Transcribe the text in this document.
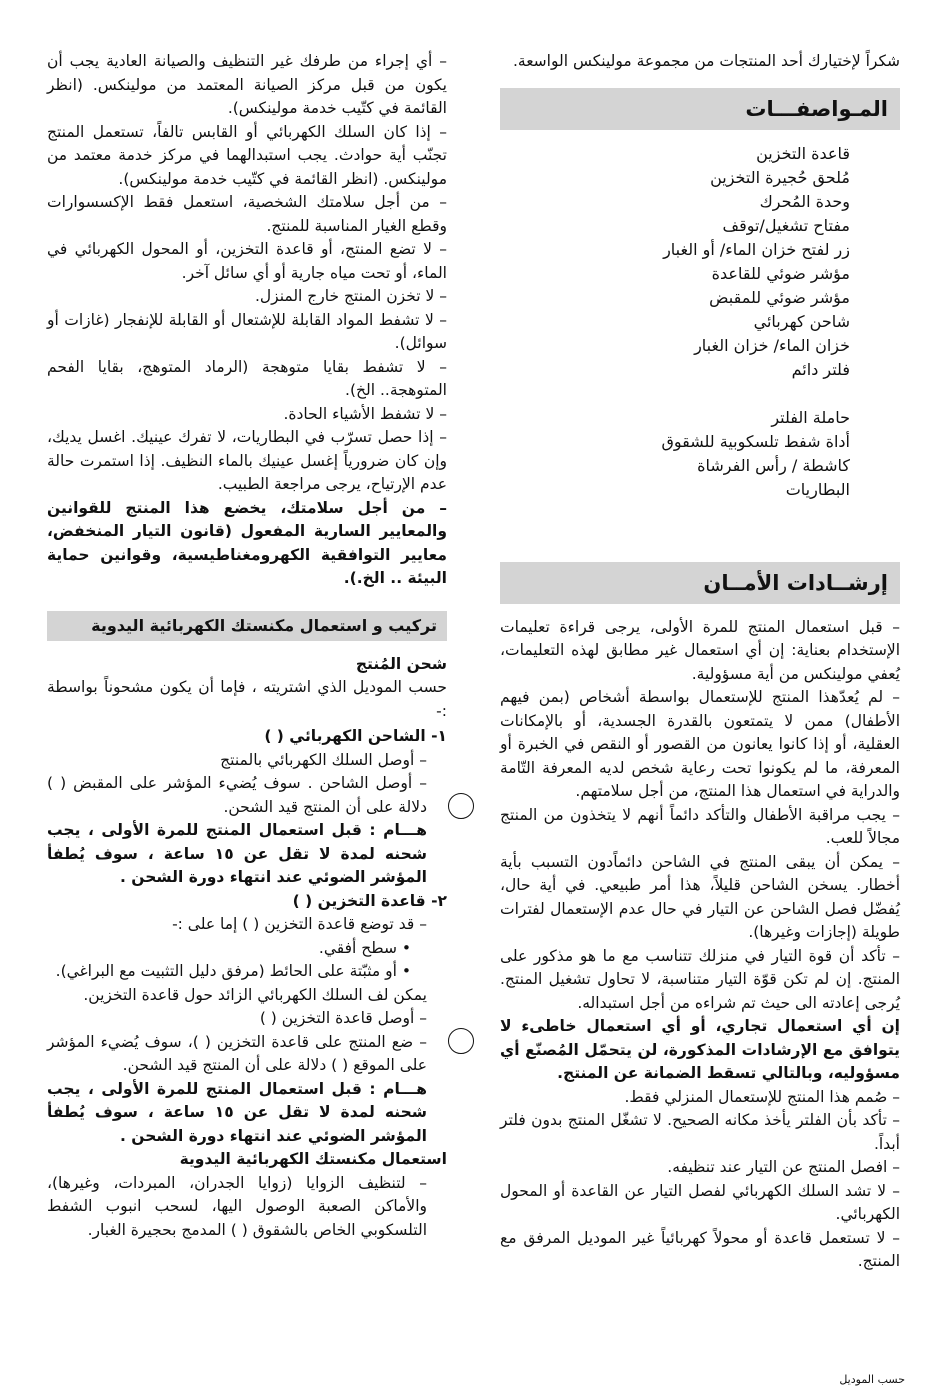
شكراً لإختيارك أحد المنتجات من مجموعة مولينكس الواسعة.

المـواصفـــات
قاعدة التخزين
مُلحق حُجيرة التخزين
وحدة المُحرك
مفتاح تشغيل/توقف
زر لفتح خزان الماء/ أو الغبار
مؤشر ضوئي للقاعدة
مؤشر ضوئي للمقبض
شاحن كهربائي
خزان الماء/ خزان الغبار
فلتر دائم
حاملة الفلتر
أداة شفط تلسكوبية للشقوق
كاشطة / رأس الفرشاة
البطاريات
إرشــادات الأمــان

– قبل استعمال المنتج للمرة الأولى، يرجى قراءة تعليمات الإستخدام بعناية: إن أي استعمال غير مطابق لهذه التعليمات، يُعفي مولينكس من أية مسؤولية.

– لم يُعدّهذا المنتج للإستعمال بواسطة أشخاص (بمن فيهم الأطفال) ممن لا يتمتعون بالقدرة الجسدية، أو بالإمكانات العقلية، أو إذا كانوا يعانون من القصور أو النقص في الخبرة أو المعرفة، ما لم يكونوا تحت رعاية شخص لديه المعرفة التّامة والدراية في استعمال هذا المنتج، من أجل سلامتهم.

– يجب مراقبة الأطفال والتأكد دائماً أنهم لا يتخذون من المنتج مجالاً للعب.

– يمكن أن يبقى المنتج في الشاحن دائماًدون التسبب بأية أخطار. يسخن الشاحن قليلاً، هذا أمر طبيعي. في أية حال، يُفضّل فصل الشاحن عن التيار في حال عدم الإستعمال لفترات طويلة (إجازات وغيرها).

– تأكد أن قوة التيار في منزلك تتناسب مع ما هو مذكور على المنتج. إن لم تكن قوّة التيار متناسبة، لا تحاول تشغيل المنتج. يُرجى إعادته الى حيث تم شراءه من أجل استبداله.

إن أي استعمال تجاري، أو أي استعمال خاطىء لا يتوافق مع الإرشادات المذكورة، لن يتحمّل المُصنّع أي مسؤوليه، وبالتالي تسقط الضمانة عن المنتج.

– صُمم هذا المنتج للإستعمال المنزلي فقط.

– تأكد بأن الفلتر يأخذ مكانه الصحيح. لا تشغّل المنتج بدون فلتر أبداً.

– افصل المنتج عن التيار عند تنظيفه.

– لا تشد السلك الكهربائي لفصل التيار عن القاعدة أو المحول الكهربائي.

– لا تستعمل قاعدة أو محولاً كهربائياً غير الموديل المرفق مع المنتج.

– أي إجراء من طرفك غير التنظيف والصيانة العادية يجب أن يكون من قبل مركز الصيانة المعتمد من مولينكس. (انظر القائمة في كتّيب خدمة مولينكس).

– إذا كان السلك الكهربائي أو القابس تالفاً، تستعمل المنتج تجنّب أية حوادث. يجب استبدالهما في مركز خدمة معتمد من مولينكس. (انظر القائمة في كتّيب خدمة مولينكس).

– من أجل سلامتك الشخصية، استعمل فقط الإكسسوارات وقطع الغيار المناسبة للمنتج.

– لا تضع المنتج، أو قاعدة التخزين، أو المحول الكهربائي في الماء، أو تحت مياه جارية أو أي سائل آخر.

– لا تخزن المنتج خارج المنزل.

– لا تشفط المواد القابلة للإشتعال أو القابلة للإنفجار (غازات أو سوائل).

– لا تشفط بقايا متوهجة (الرماد المتوهج، بقايا الفحم المتوهجة.. الخ).

– لا تشفط الأشياء الحادة.

– إذا حصل تسرّب في البطاريات، لا تفرك عينيك. اغسل يديك، وإن كان ضرورياً إغسل عينيك بالماء النظيف. إذا استمرت حالة عدم الإرتياح، يرجى مراجعة الطبيب.

– من أجل سلامتك، يخضع هذا المنتج للقوانين والمعايير السارية المفعول (قانون التيار المنخفض، معايير التوافقية الكهرومغناطيسية، وقوانين حماية البيئة .. الخ.).

تركيب و استعمال مكنستك الكهربائية اليدوية

شحن المُنتج

حسب الموديل الذي اشتريته ، فإما أن يكون مشحوناً بواسطة :-

١- الشاحن الكهربائي ( )

– أوصل السلك الكهربائي بالمنتج

– أوصل الشاحن . سوف يُضيء المؤشر على المقبض ( ) دلالة على أن المنتج قيد الشحن.

هـــام : قبل استعمال المنتج للمرة الأولى ، يجب شحنه لمدة لا تقل عن ١٥ ساعة ، سوف يُطفأ المؤشر الضوئي عند انتهاء دورة الشحن .

٢- قاعدة التخزين ( )

– قد توضع قاعدة التخزين ( ) إما على :-

• سطح أفقي.

• أو مثبّتة على الحائط (مرفق دليل التثبيت مع البراغي).

يمكن لف السلك الكهربائي الزائد حول قاعدة التخزين.

– أوصل قاعدة التخزين ( )

– ضع المنتج على قاعدة التخزين ( )، سوف يُضيء المؤشر على الموقع ( ) دلالة على أن المنتج قيد الشحن.

هـــام : قبل استعمال المنتج للمرة الأولى ، يجب شحنه لمدة لا تقل عن ١٥ ساعة ، سوف يُطفأ المؤشر الضوئي عند انتهاء دورة الشحن .

استعمال مكنستك الكهربائية اليدوية

– لتنظيف الزوايا (زوايا الجدران، المبردات، وغيرها)، والأماكن الصعبة الوصول اليها، لسحب انبوب الشفط التلسكوبي الخاص بالشقوق ( ) المدمج بحجيرة الغبار.

حسب الموديل
